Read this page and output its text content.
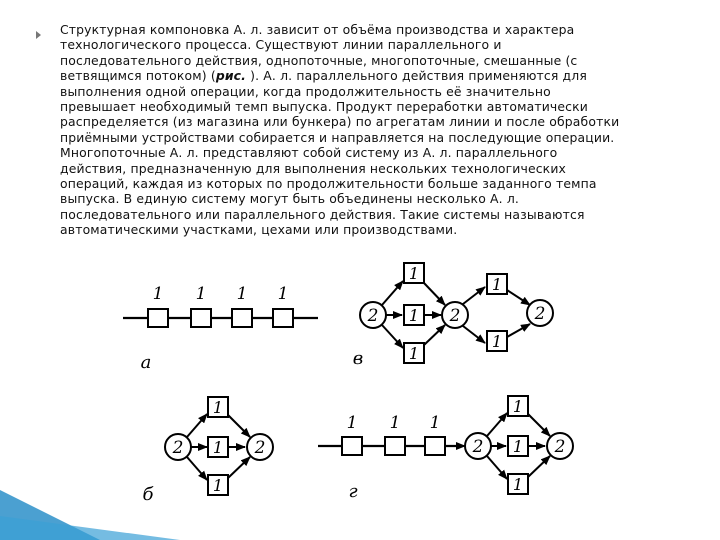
Структурная компоновка А. л. зависит от объёма производства и характера
технологического процесса. Существуют линии параллельного и
последовательного действия, однопоточные, многопоточные, смешанные (с
ветвящимся потоком) (рис. ). А. л. параллельного действия применяются для
выполнения одной операции, когда продолжительность её значительно
превышает необходимый темп выпуска. Продукт переработки автоматически
распределяется (из магазина или бункера) по агрегатам линии и после обработки
приёмными устройствами собирается и направляется на последующие операции.
Многопоточные А. л. представляют собой систему из А. л. параллельного
действия, предназначенную для выполнения нескольких технологических
операций, каждая из которых по продолжительности больше заданного темпа
выпуска. В единую систему могут быть объединены несколько А. л.
последовательного или параллельного действия. Такие системы называются
автоматическими участками, цехами или производствами.

1 1 1 1
а
2
1
1
1
2
1
1
2
в
2
1
1
1
2
б
1 1 1
2
1
1
1
2
г
